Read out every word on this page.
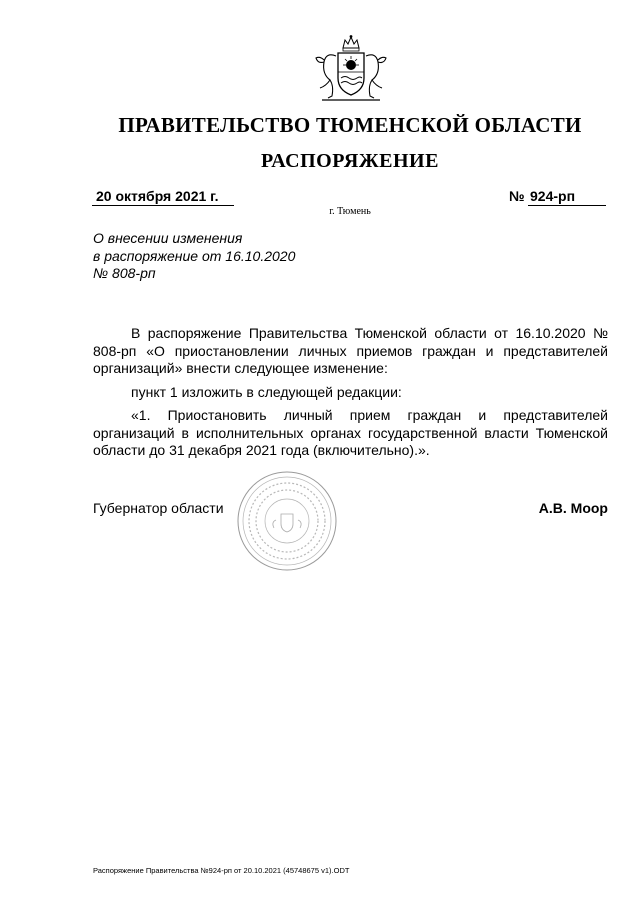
ПРАВИТЕЛЬСТВО ТЮМЕНСКОЙ ОБЛАСТИ
РАСПОРЯЖЕНИЕ
20 октября 2021 г.	№ 924-рп
г. Тюмень
О внесении изменения
в распоряжение от 16.10.2020
№ 808-рп

В распоряжение Правительства Тюменской области от 16.10.2020 № 808-рп «О приостановлении личных приемов граждан и представителей организаций» внести следующее изменение:

пункт 1 изложить в следующей редакции:

«1. Приостановить личный прием граждан и представителей организаций в исполнительных органах государственной власти Тюменской области до 31 декабря 2021 года (включительно).».

Губернатор области	А.В. Моор
Распоряжение Правительства №924-рп от 20.10.2021 (45748675 v1).ODT
